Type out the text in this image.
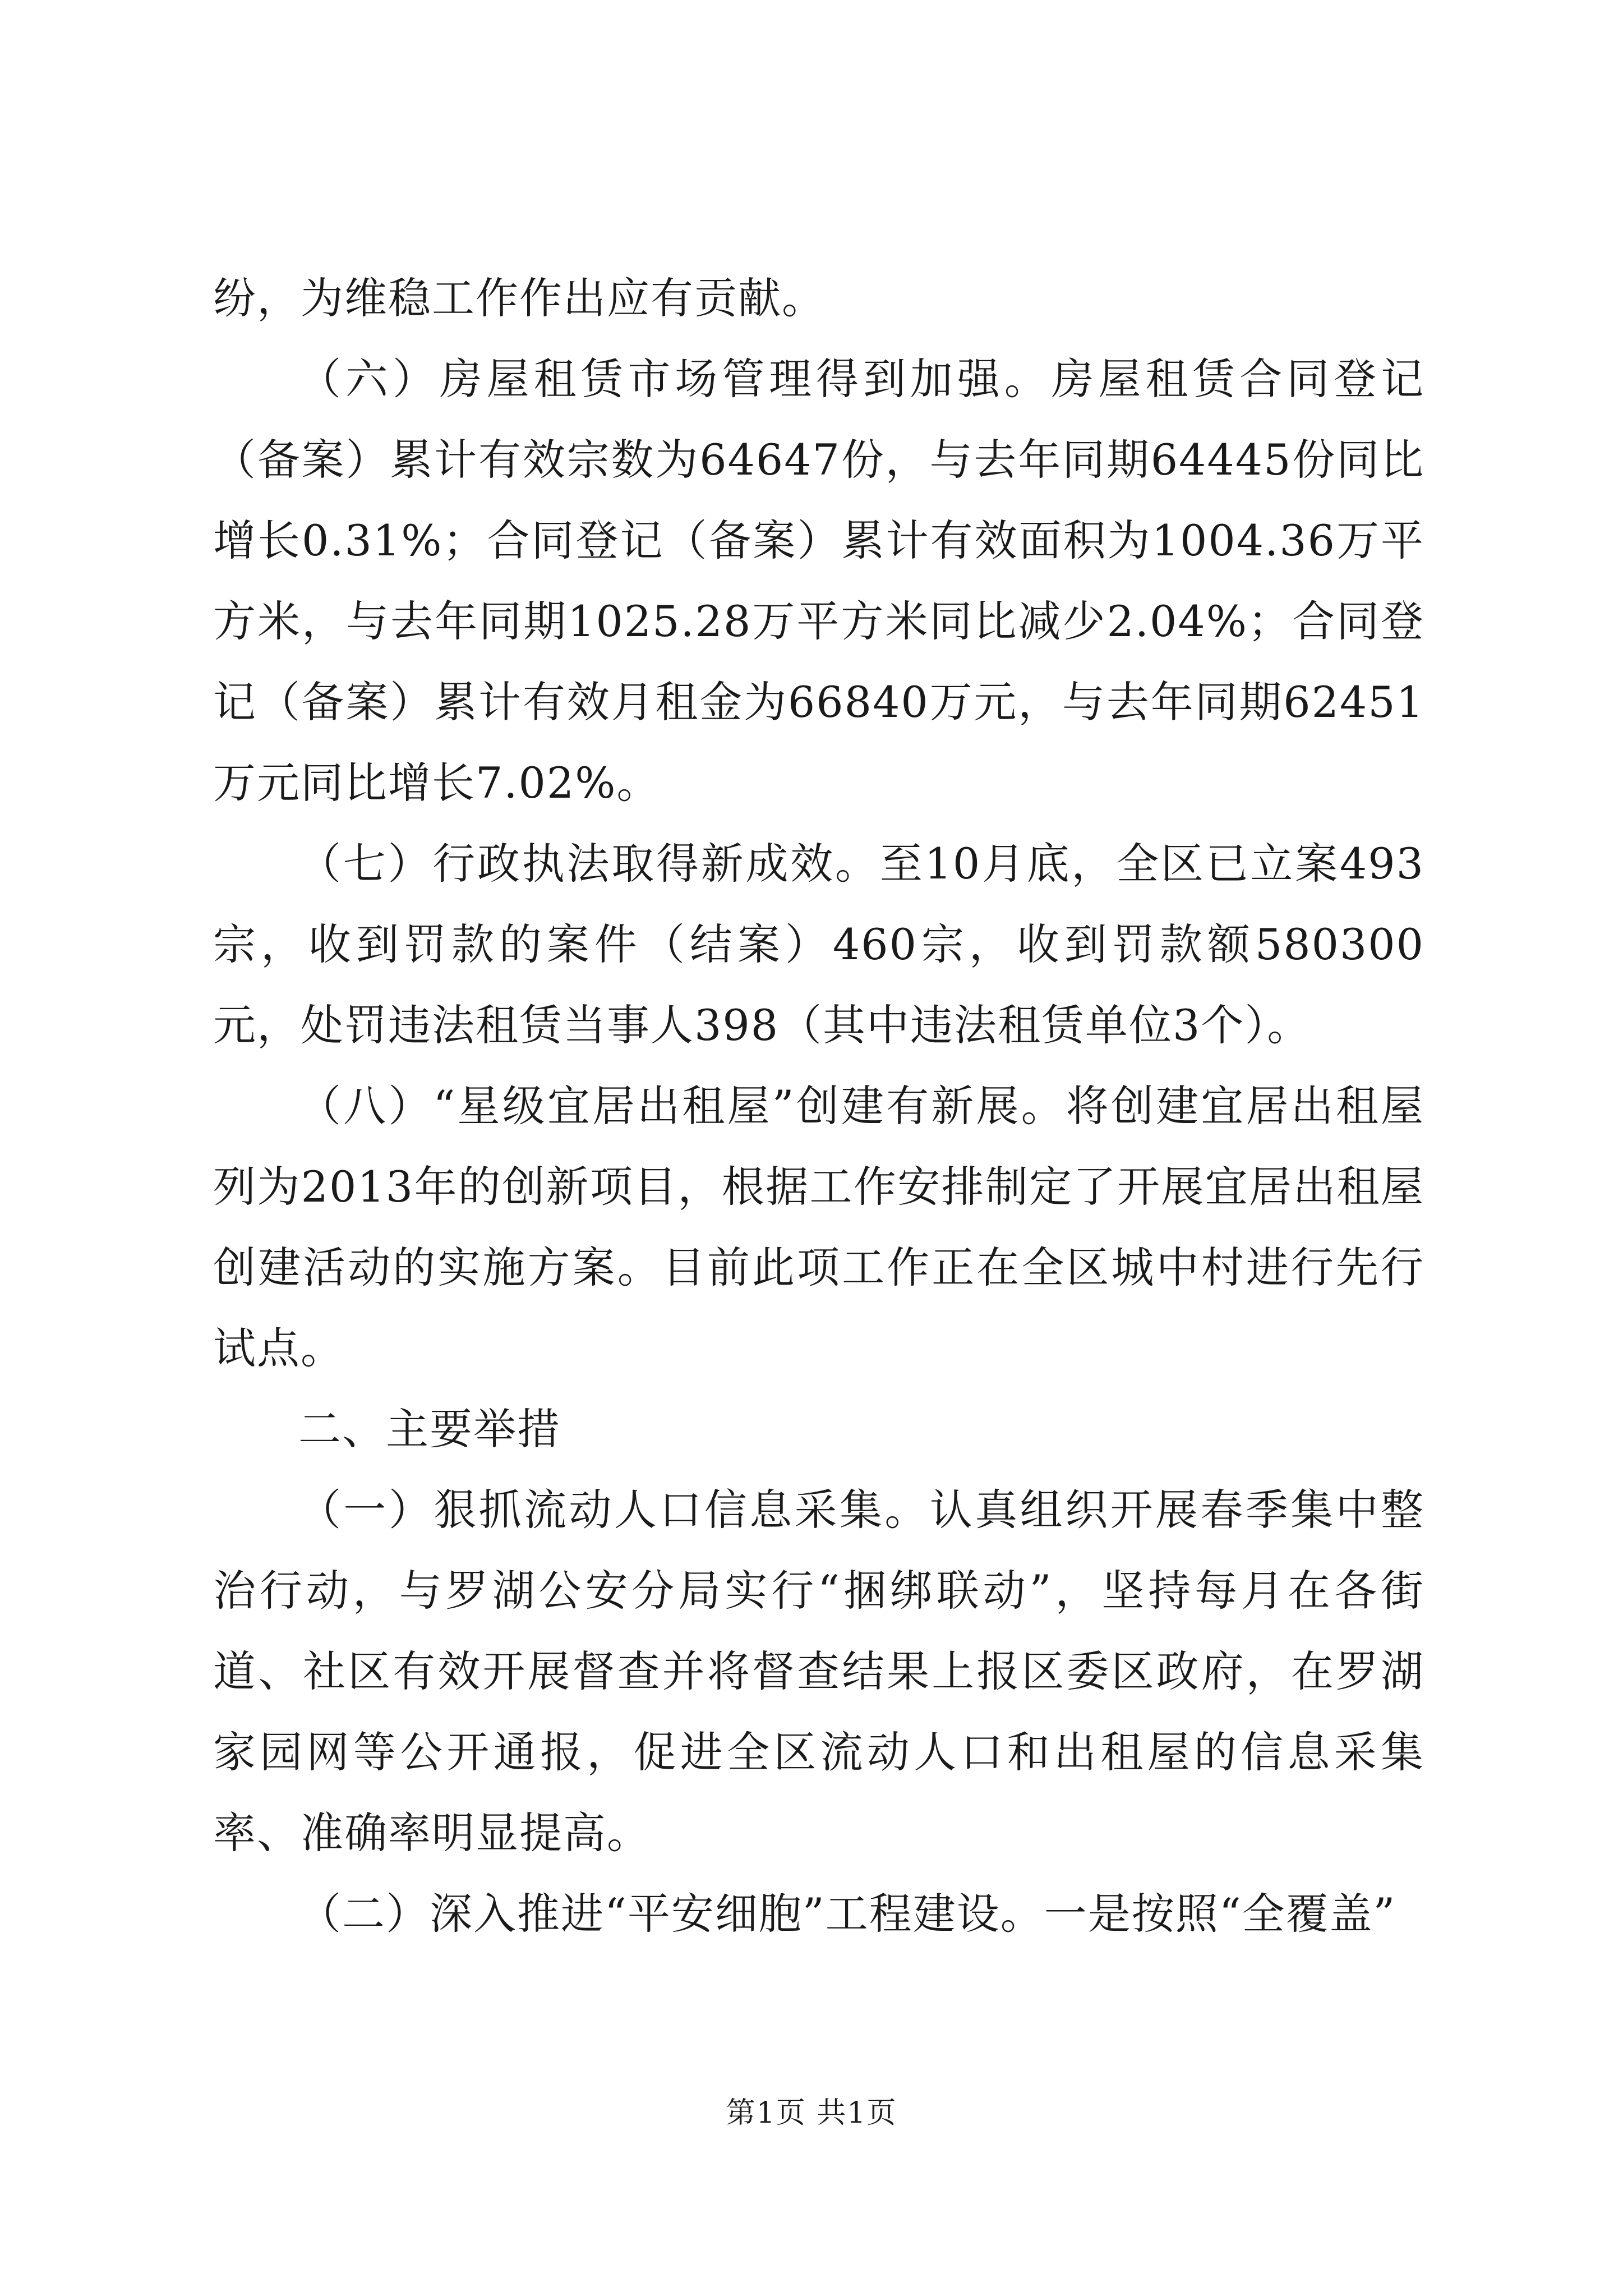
纷，为维稳工作作出应有贡献。

（六）房屋租赁市场管理得到加强。房屋租赁合同登记（备案）累计有效宗数为64647份，与去年同期64445份同比增长0.31%；合同登记（备案）累计有效面积为1004.36万平方米，与去年同期1025.28万平方米同比减少2.04%；合同登记（备案）累计有效月租金为66840万元，与去年同期62451万元同比增长7.02%。

（七）行政执法取得新成效。至10月底，全区已立案493宗，收到罚款的案件（结案）460宗，收到罚款额580300元，处罚违法租赁当事人398（其中违法租赁单位3个）。

（八）“星级宜居出租屋”创建有新展。将创建宜居出租屋列为2013年的创新项目，根据工作安排制定了开展宜居出租屋创建活动的实施方案。目前此项工作正在全区城中村进行先行试点。

二、主要举措

（一）狠抓流动人口信息采集。认真组织开展春季集中整治行动，与罗湖公安分局实行“捆绑联动”，坚持每月在各街道、社区有效开展督查并将督查结果上报区委区政府，在罗湖家园网等公开通报，促进全区流动人口和出租屋的信息采集率、准确率明显提高。

（二）深入推进“平安细胞”工程建设。一是按照“全覆盖”

第1页 共1页
